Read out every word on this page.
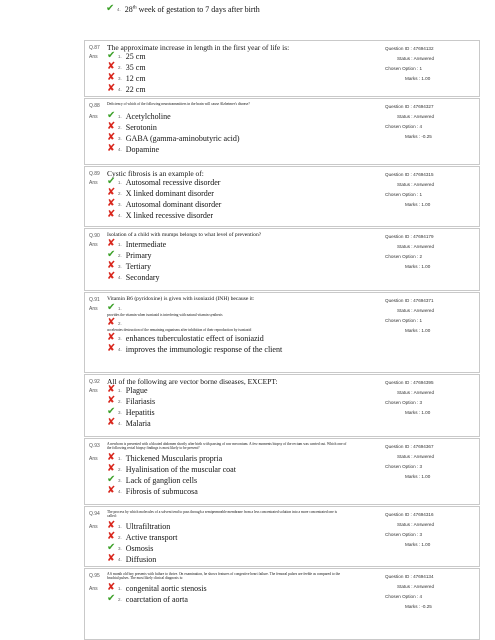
✔ 4. 28th week of gestation to 7 days after birth
Q.87
Ans
The approximate increase in length in the first year of life is:
✔ 1. 25 cm
✘ 2. 35 cm
✘ 3. 12 cm
✘ 4. 22 cm
Question ID : 47694132
Status : Answered
Chosen Option : 1
Marks : 1.00
Q.88
Ans
Deficiency of which of the following neurotransmitters in the brain will cause Alzheimer's disease?
✔ 1. Acetylcholine
✘ 2. Serotonin
✘ 3. GABA (gamma-aminobutyric acid)
✘ 4. Dopamine
Question ID : 47694327
Status : Answered
Chosen Option : 4
Marks : -0.25
Q.89
Ans
Cystic fibrosis is an example of:
✔ 1. Autosomal recessive disorder
✘ 2. X linked dominant disorder
✘ 3. Autosomal dominant disorder
✘ 4. X linked recessive disorder
Question ID : 47694315
Status : Answered
Chosen Option : 1
Marks : 1.00
Q.90
Ans
Isolation of a child with mumps belongs to what level of prevention?
✘ 1. Intermediate
✔ 2. Primary
✘ 3. Tertiary
✘ 4. Secondary
Question ID : 47694179
Status : Answered
Chosen Option : 2
Marks : 1.00
Q.91
Ans
Vitamin B6 (pyridoxine) is given with isoniazid (INH) because it:
✔ 1.
provides the vitamin when isoniazid is interfering with natural vitamin synthesis
✘ 2.
accelerates destruction of the remaining organisms after inhibition of their reproduction by isoniazid
✘ 3. enhances tuberculostatic effect of isoniazid
✘ 4. improves the immunologic response of the client
Question ID : 47694371
Status : Answered
Chosen Option : 1
Marks : 1.00
Q.92
Ans
All of the following are vector borne diseases, EXCEPT:
✘ 1. Plague
✘ 2. Filariasis
✔ 3. Hepatitis
✘ 4. Malaria
Question ID : 47694395
Status : Answered
Chosen Option : 3
Marks : 1.00
Q.93
Ans
A newborn is presented with a bloated abdomen shortly after birth with passing of raw meconium. A few moments biopsy of the rectum was carried out. Which one of the following rectal biopsy findings is most likely to be present?
✘ 1. Thickened Muscularis propria
✘ 2. Hyalinisation of the muscular coat
✔ 3. Lack of ganglion cells
✘ 4. Fibrosis of submucosa
Question ID : 47694367
Status : Answered
Chosen Option : 3
Marks : 1.00
Q.94
Ans
The process by which molecules of a solvent tend to pass through a semipermeable membrane from a less concentrated solution into a more concentrated one is called:
✘ 1. Ultrafiltration
✘ 2. Active transport
✔ 3. Osmosis
✘ 4. Diffusion
Question ID : 47694316
Status : Answered
Chosen Option : 3
Marks : 1.00
Q.95
Ans
A 6 month old boy presents with failure to thrive. On examination, he shows features of congestive heart failure. The femoral pulses are feeble as compared to the brachial pulses. The most likely clinical diagnosis is:
✘ 1. congenital aortic stenosis
✔ 2. coarctation of aorta
Question ID : 47694134
Status : Answered
Chosen Option : 4
Marks : -0.25
